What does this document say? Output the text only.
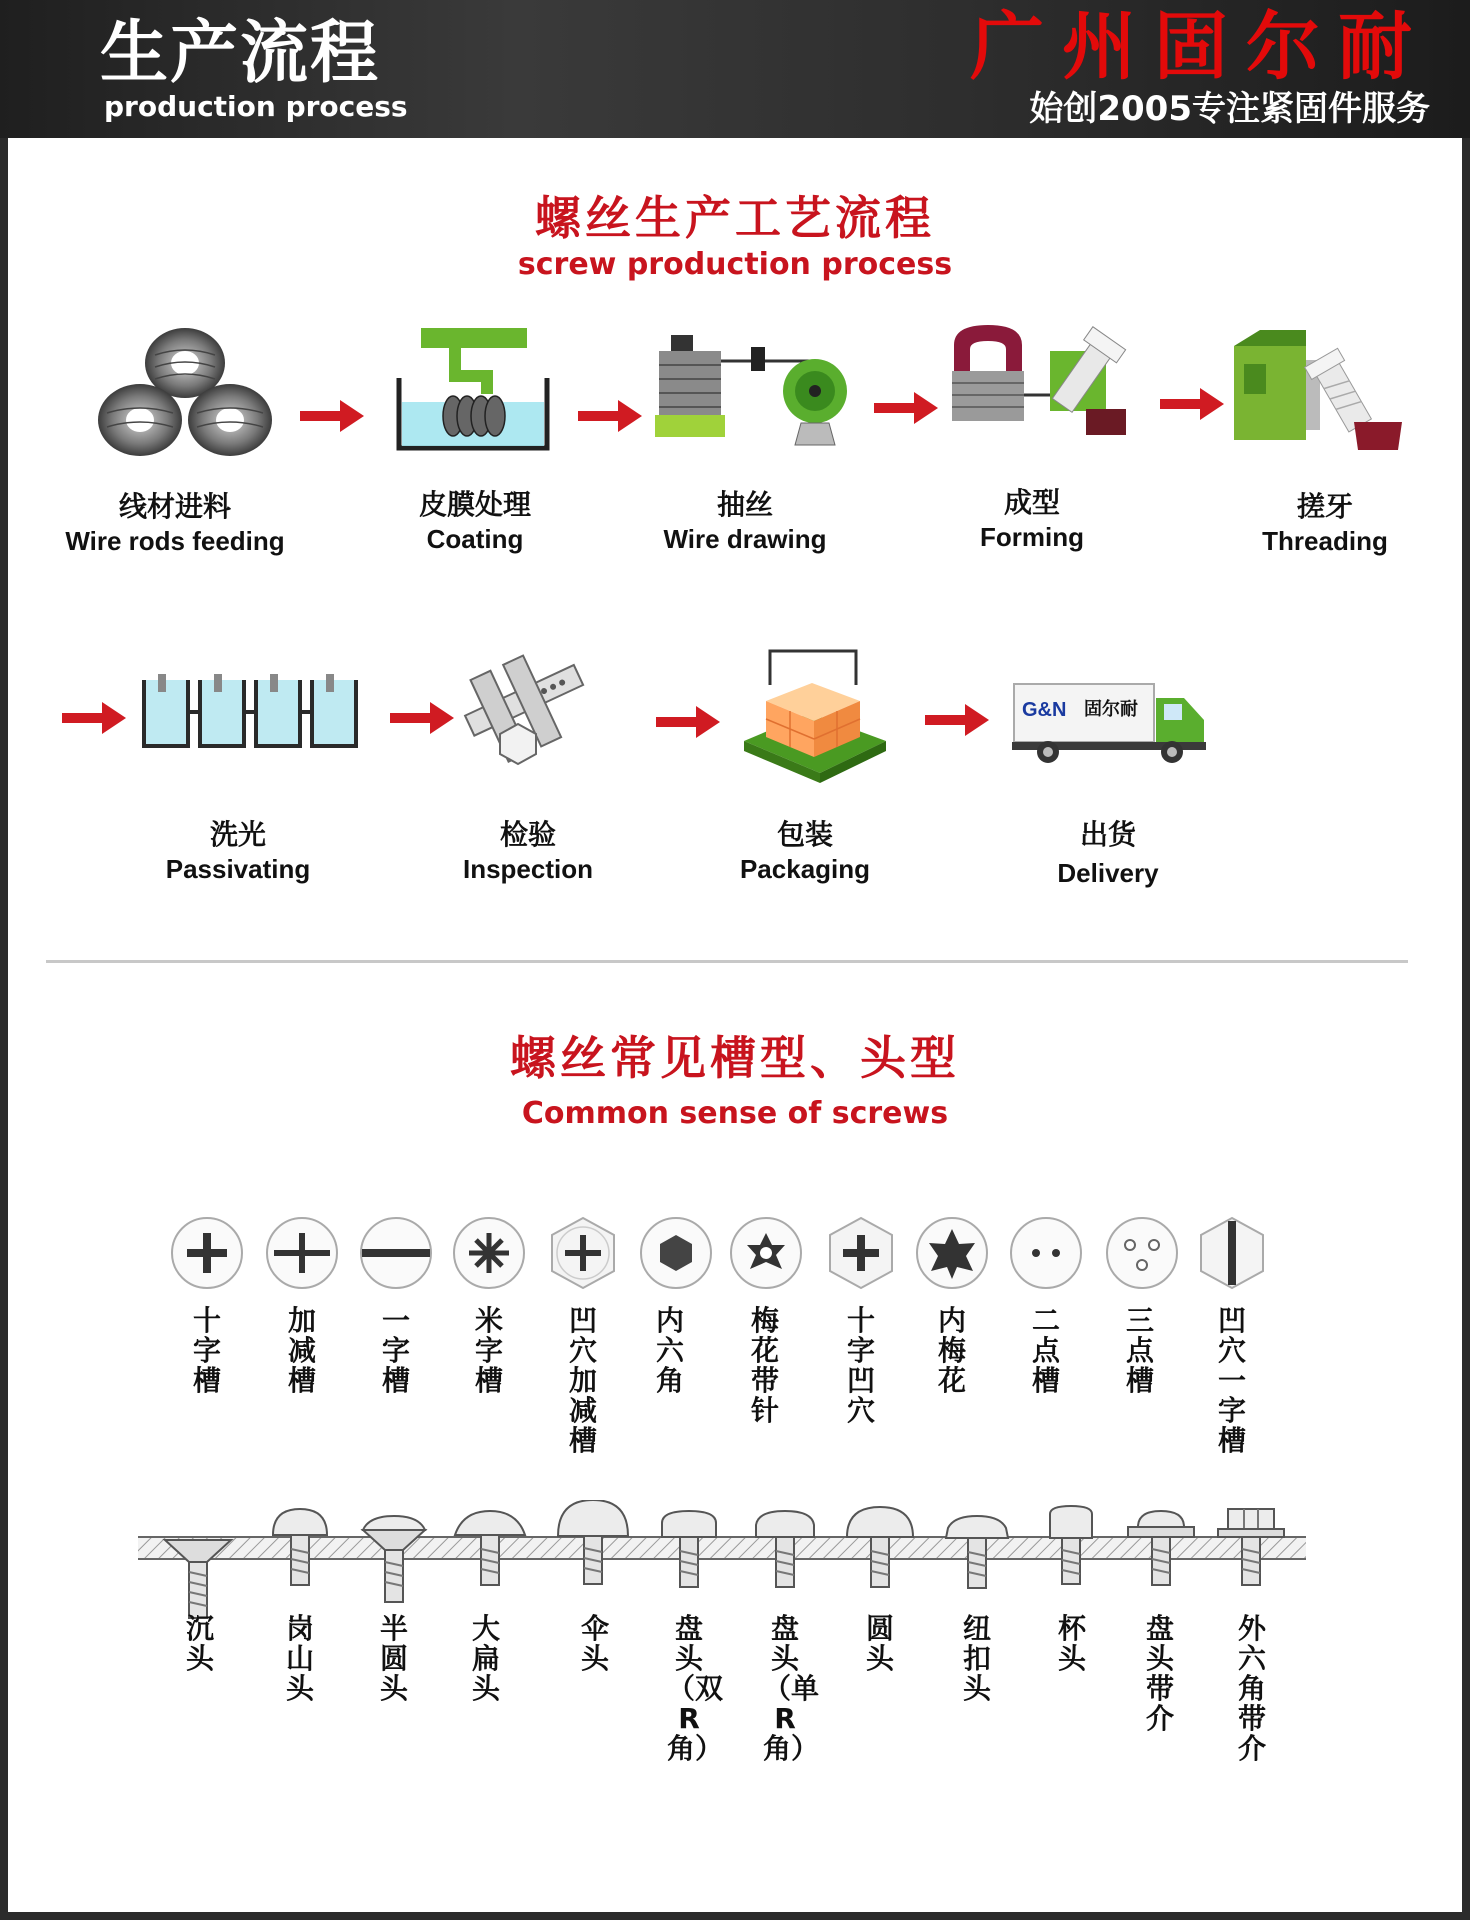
生产流程
production process
广州固尔耐
始创2005专注紧固件服务
螺丝生产工艺流程
screw production process
G&N 固尔耐
线材进料
Wire rods feeding
皮膜处理
Coating
抽丝
Wire drawing
成型
Forming
搓牙
Threading
洗光
Passivating
检验
Inspection
包装
Packaging
出货
Delivery
螺丝常见槽型、头型
Common sense of screws
十字槽
加减槽
一字槽
米字槽
凹穴加减槽
内六角
梅花带针
十字凹穴
内梅花
二点槽
三点槽
凹穴一字槽
沉头
岗山头
半圆头
大扁头
伞头
盘头（双R角）
盘头（单R角）
圆头
纽扣头
杯头
盘头带介
外六角带介
